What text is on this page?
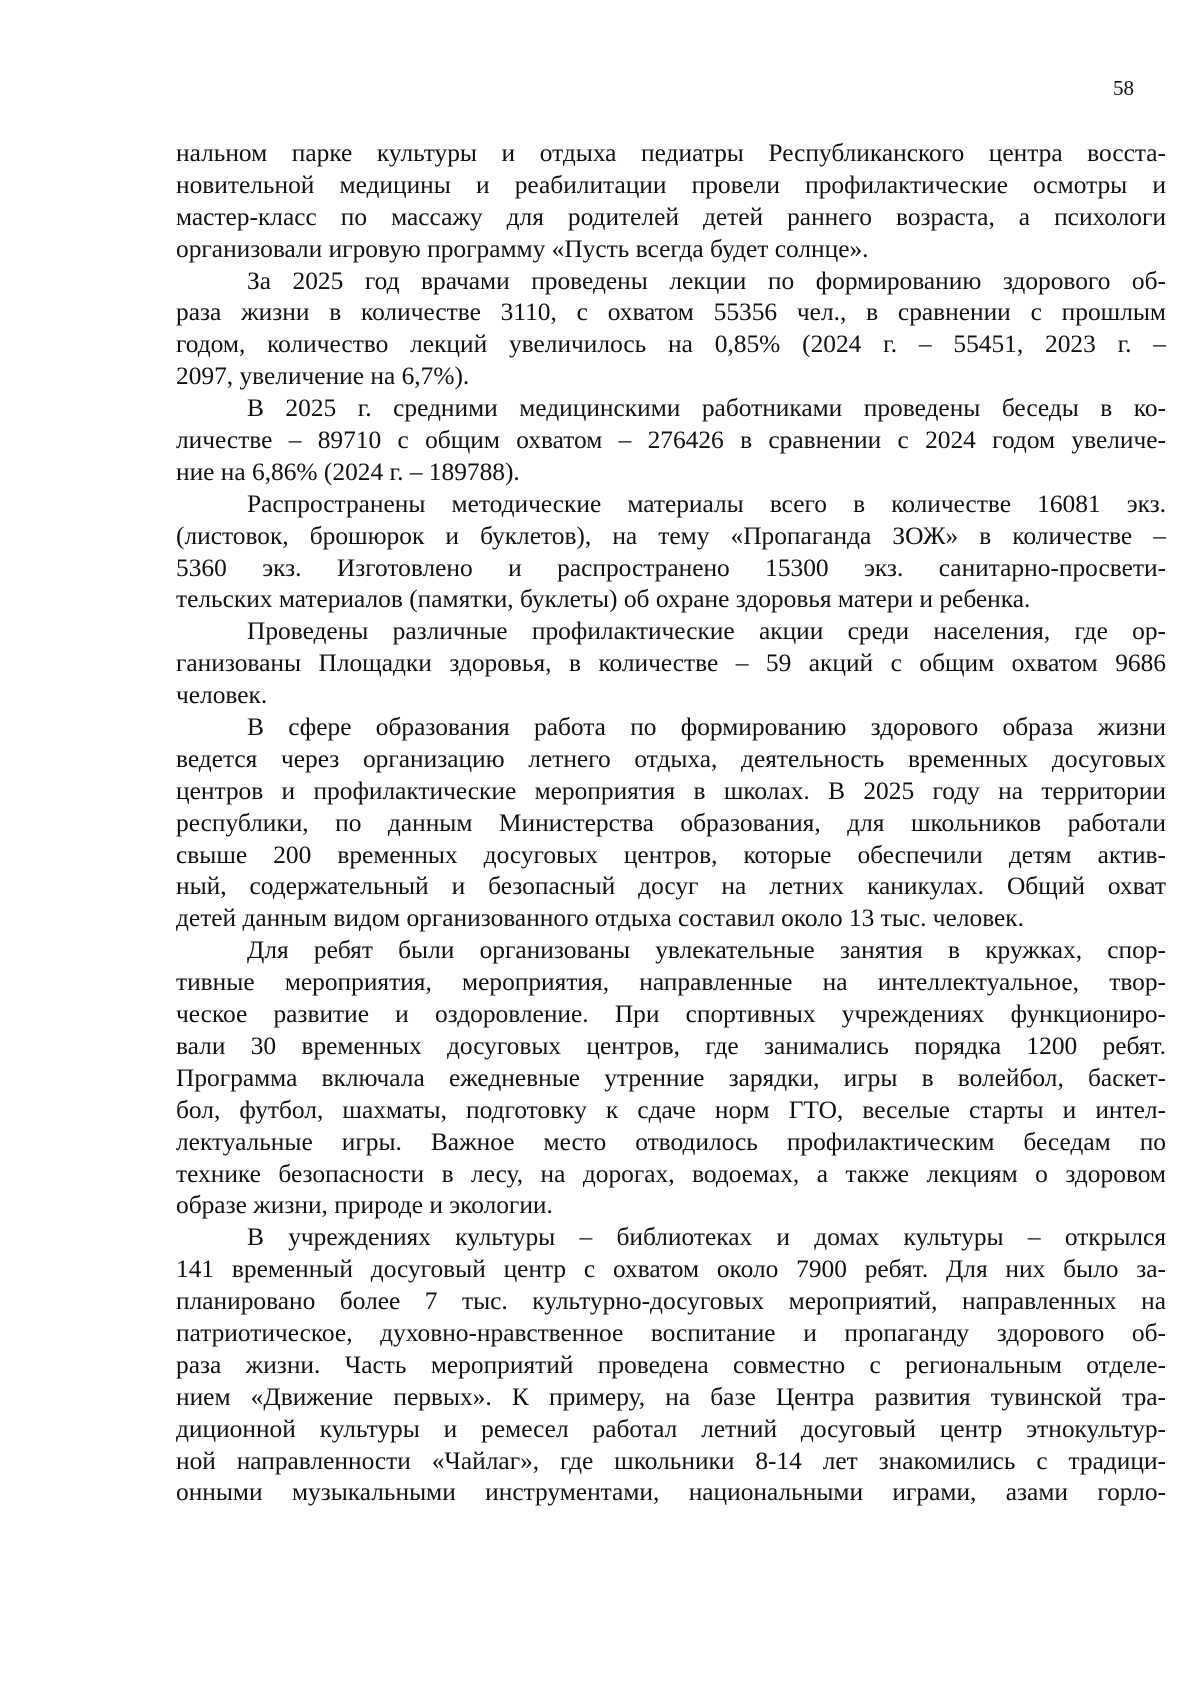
58
нальном парке культуры и отдыха педиатры Республиканского центра восста-
новительной медицины и реабилитации провели профилактические осмотры и
мастер-класс по массажу для родителей детей раннего возраста, а психологи
организовали игровую программу «Пусть всегда будет солнце».
За 2025 год врачами проведены лекции по формированию здорового об-
раза жизни в количестве 3110, с охватом 55356 чел., в сравнении с прошлым
годом, количество лекций увеличилось на 0,85% (2024 г. – 55451, 2023 г. –
2097, увеличение на 6,7%).
В 2025 г. средними медицинскими работниками проведены беседы в ко-
личестве – 89710 с общим охватом – 276426 в сравнении с 2024 годом увеличе-
ние на 6,86% (2024 г. – 189788).
Распространены методические материалы всего в количестве 16081 экз.
(листовок, брошюрок и буклетов), на тему «Пропаганда ЗОЖ» в количестве –
5360 экз. Изготовлено и распространено 15300 экз. санитарно-просвети-
тельских материалов (памятки, буклеты) об охране здоровья матери и ребенка.
Проведены различные профилактические акции среди населения, где ор-
ганизованы Площадки здоровья, в количестве – 59 акций с общим охватом 9686
человек.
В сфере образования работа по формированию здорового образа жизни
ведется через организацию летнего отдыха, деятельность временных досуговых
центров и профилактические мероприятия в школах. В 2025 году на территории
республики, по данным Министерства образования, для школьников работали
свыше 200 временных досуговых центров, которые обеспечили детям актив-
ный, содержательный и безопасный досуг на летних каникулах. Общий охват
детей данным видом организованного отдыха составил около 13 тыс. человек.
Для ребят были организованы увлекательные занятия в кружках, спор-
тивные мероприятия, мероприятия, направленные на интеллектуальное, твор-
ческое развитие и оздоровление. При спортивных учреждениях функциониро-
вали 30 временных досуговых центров, где занимались порядка 1200 ребят.
Программа включала ежедневные утренние зарядки, игры в волейбол, баскет-
бол, футбол, шахматы, подготовку к сдаче норм ГТО, веселые старты и интел-
лектуальные игры. Важное место отводилось профилактическим беседам по
технике безопасности в лесу, на дорогах, водоемах, а также лекциям о здоровом
образе жизни, природе и экологии.
В учреждениях культуры – библиотеках и домах культуры – открылся
141 временный досуговый центр с охватом около 7900 ребят. Для них было за-
планировано более 7 тыс. культурно-досуговых мероприятий, направленных на
патриотическое, духовно-нравственное воспитание и пропаганду здорового об-
раза жизни. Часть мероприятий проведена совместно с региональным отделе-
нием «Движение первых». К примеру, на базе Центра развития тувинской тра-
диционной культуры и ремесел работал летний досуговый центр этнокультур-
ной направленности «Чайлаг», где школьники 8-14 лет знакомились с традици-
онными музыкальными инструментами, национальными играми, азами горло-
